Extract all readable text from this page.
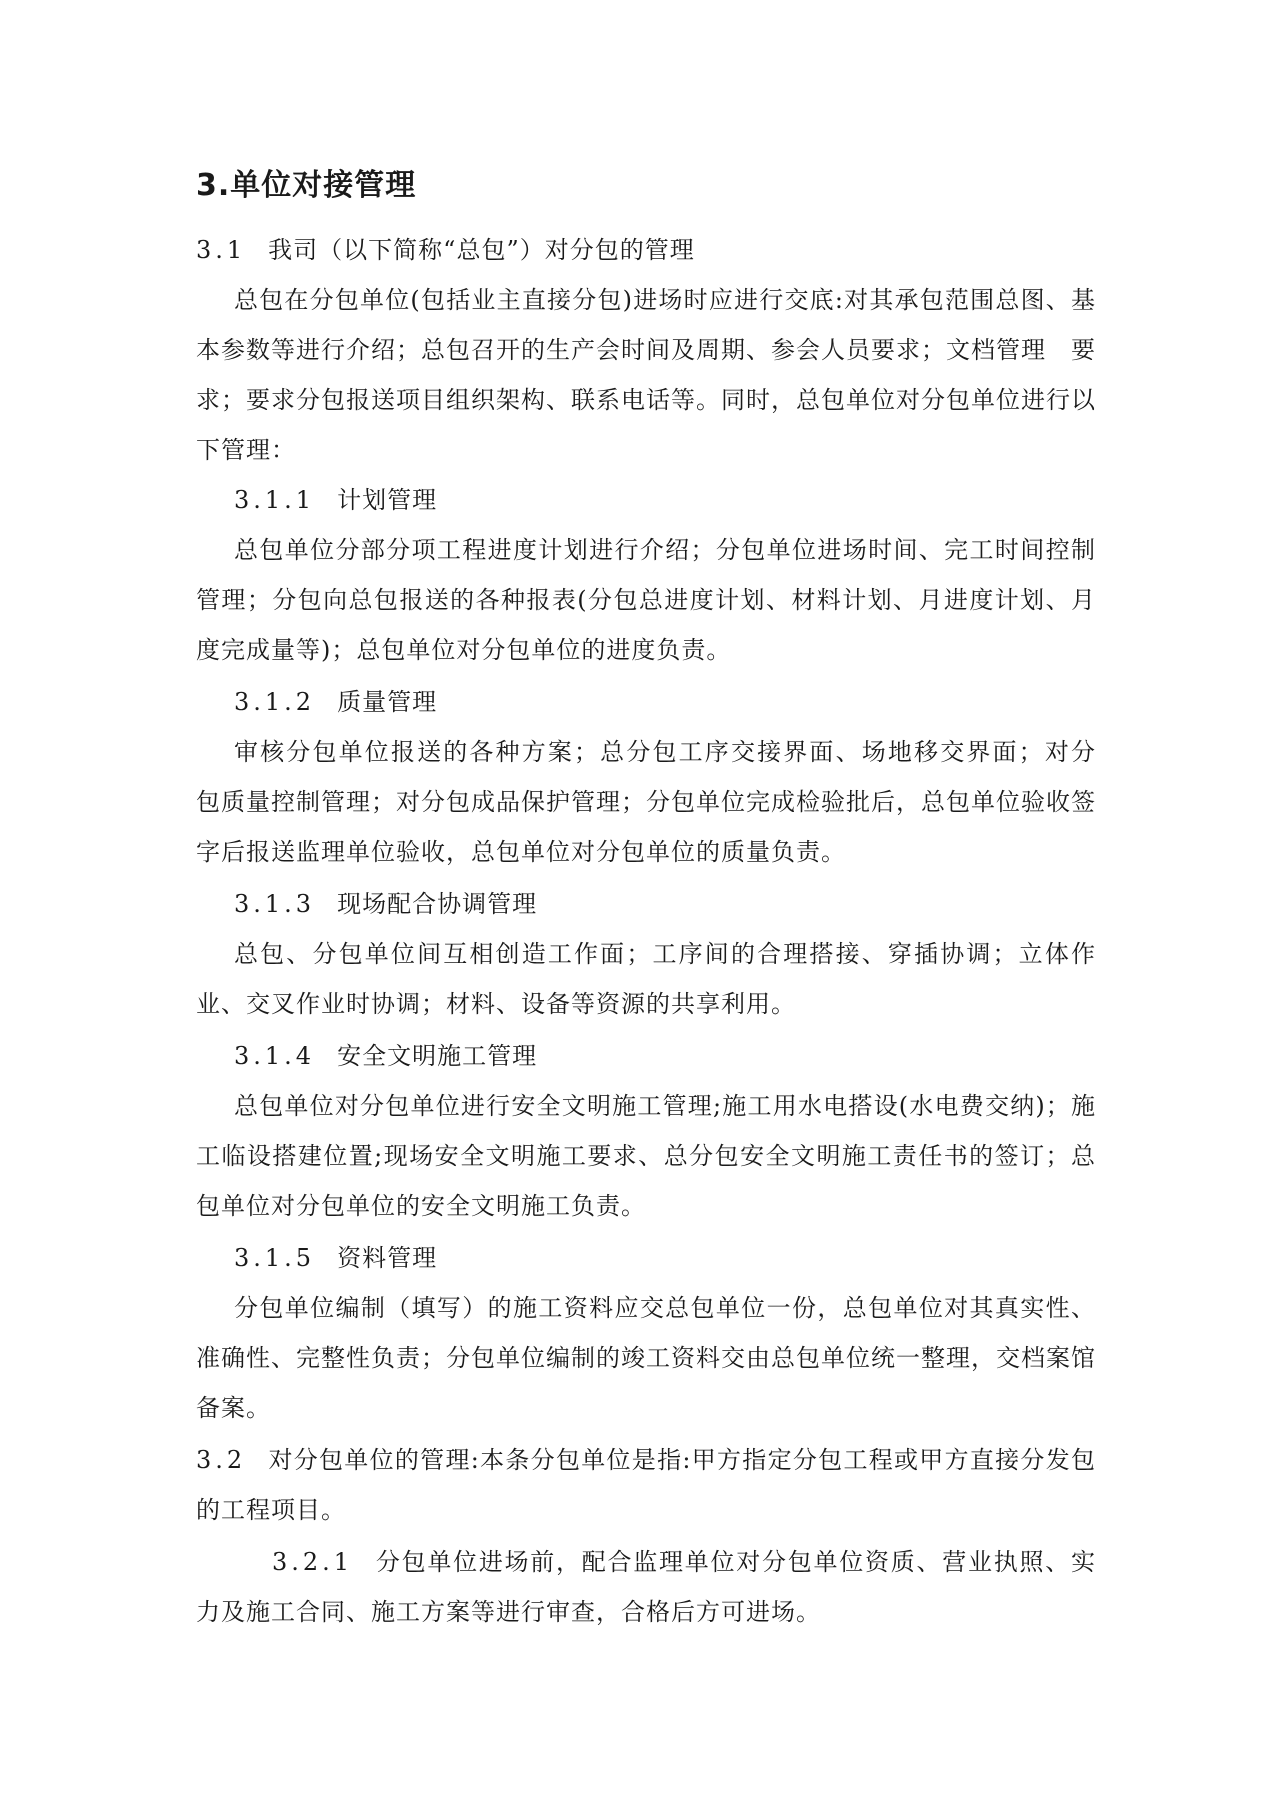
3.单位对接管理
3.1 我司（以下简称“总包”）对分包的管理

总包在分包单位(包括业主直接分包)进场时应进行交底:对其承包范围总图、基本参数等进行介绍；总包召开的生产会时间及周期、参会人员要求；文档管理　要求；要求分包报送项目组织架构、联系电话等。同时，总包单位对分包单位进行以下管理：

3.1.1 计划管理

总包单位分部分项工程进度计划进行介绍；分包单位进场时间、完工时间控制管理；分包向总包报送的各种报表(分包总进度计划、材料计划、月进度计划、月度完成量等)；总包单位对分包单位的进度负责。

3.1.2 质量管理

审核分包单位报送的各种方案；总分包工序交接界面、场地移交界面；对分　包质量控制管理；对分包成品保护管理；分包单位完成检验批后，总包单位验收签字后报送监理单位验收，总包单位对分包单位的质量负责。

3.1.3 现场配合协调管理

总包、分包单位间互相创造工作面；工序间的合理搭接、穿插协调；立体作业、交叉作业时协调；材料、设备等资源的共享利用。

3.1.4 安全文明施工管理

总包单位对分包单位进行安全文明施工管理;施工用水电搭设(水电费交纳)；施工临设搭建位置;现场安全文明施工要求、总分包安全文明施工责任书的签订；总包单位对分包单位的安全文明施工负责。

3.1.5 资料管理

分包单位编制（填写）的施工资料应交总包单位一份，总包单位对其真实性、准确性、完整性负责；分包单位编制的竣工资料交由总包单位统一整理，交档案馆备案。

3.2 对分包单位的管理:本条分包单位是指:甲方指定分包工程或甲方直接分发包的工程项目。

3.2.1 分包单位进场前，配合监理单位对分包单位资质、营业执照、实力及施工合同、施工方案等进行审查，合格后方可进场。
